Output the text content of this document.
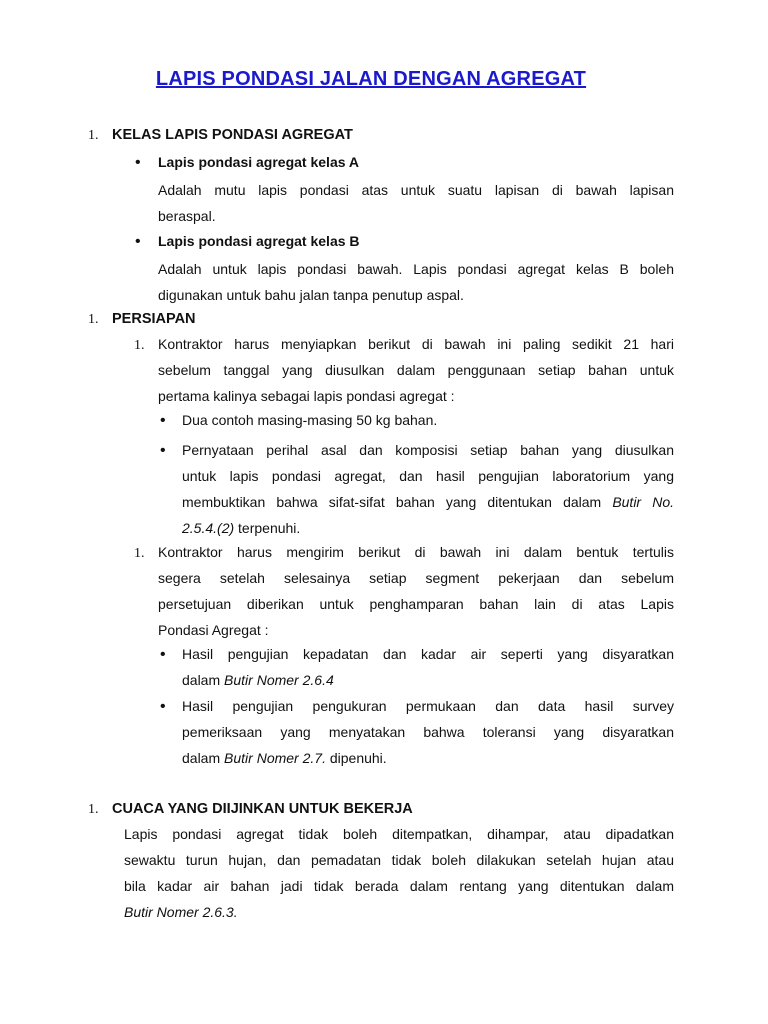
LAPIS PONDASI JALAN DENGAN AGREGAT
1. KELAS LAPIS PONDASI AGREGAT
• Lapis pondasi agregat kelas A
Adalah mutu lapis pondasi atas untuk suatu lapisan di bawah lapisan
beraspal.
• Lapis pondasi agregat kelas B
Adalah untuk lapis pondasi bawah. Lapis pondasi agregat kelas B boleh
digunakan untuk bahu jalan tanpa penutup aspal.
1. PERSIAPAN
1. Kontraktor harus menyiapkan berikut di bawah ini paling sedikit 21 hari
sebelum tanggal yang diusulkan dalam penggunaan setiap bahan untuk
pertama kalinya sebagai lapis pondasi agregat :
• Dua contoh masing-masing 50 kg bahan.
• Pernyataan perihal asal dan komposisi setiap bahan yang diusulkan
untuk lapis pondasi agregat, dan hasil pengujian laboratorium yang
membuktikan bahwa sifat-sifat bahan yang ditentukan dalam Butir No.
2.5.4.(2) terpenuhi.
1. Kontraktor harus mengirim berikut di bawah ini dalam bentuk tertulis
segera setelah selesainya setiap segment pekerjaan dan sebelum
persetujuan diberikan untuk penghamparan bahan lain di atas Lapis
Pondasi Agregat :
• Hasil pengujian kepadatan dan kadar air seperti yang disyaratkan
dalam Butir Nomer 2.6.4
• Hasil pengujian pengukuran permukaan dan data hasil survey
pemeriksaan yang menyatakan bahwa toleransi yang disyaratkan
dalam Butir Nomer 2.7. dipenuhi.
1. CUACA YANG DIIJINKAN UNTUK BEKERJA
Lapis pondasi agregat tidak boleh ditempatkan, dihampar, atau dipadatkan
sewaktu turun hujan, dan pemadatan tidak boleh dilakukan setelah hujan atau
bila kadar air bahan jadi tidak berada dalam rentang yang ditentukan dalam
Butir Nomer 2.6.3.
